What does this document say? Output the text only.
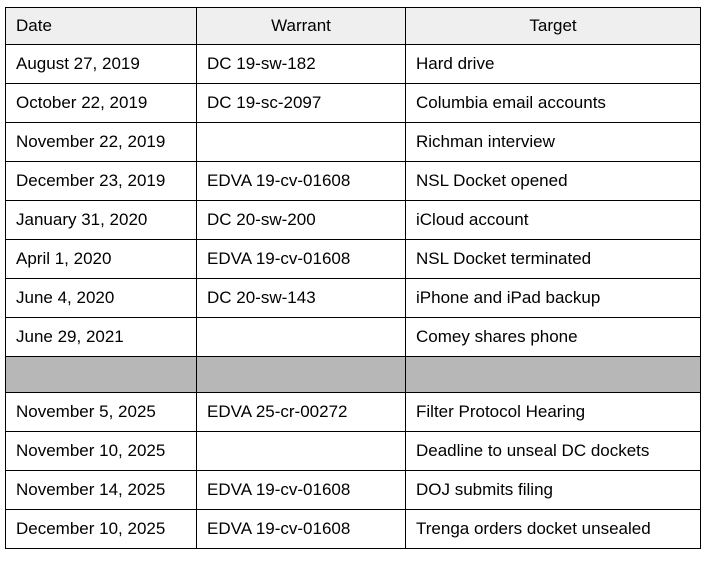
Date	Warrant	Target
August 27, 2019	DC 19-sw-182	Hard drive
October 22, 2019	DC 19-sc-2097	Columbia email accounts
November 22, 2019		Richman interview
December 23, 2019	EDVA 19-cv-01608	NSL Docket opened
January 31, 2020	DC 20-sw-200	iCloud account
April 1, 2020	EDVA 19-cv-01608	NSL Docket terminated
June 4, 2020	DC 20-sw-143	iPhone and iPad backup
June 29, 2021		Comey shares phone

November 5, 2025	EDVA 25-cr-00272	Filter Protocol Hearing
November 10, 2025		Deadline to unseal DC dockets
November 14, 2025	EDVA 19-cv-01608	DOJ submits filing
December 10, 2025	EDVA 19-cv-01608	Trenga orders docket unsealed
